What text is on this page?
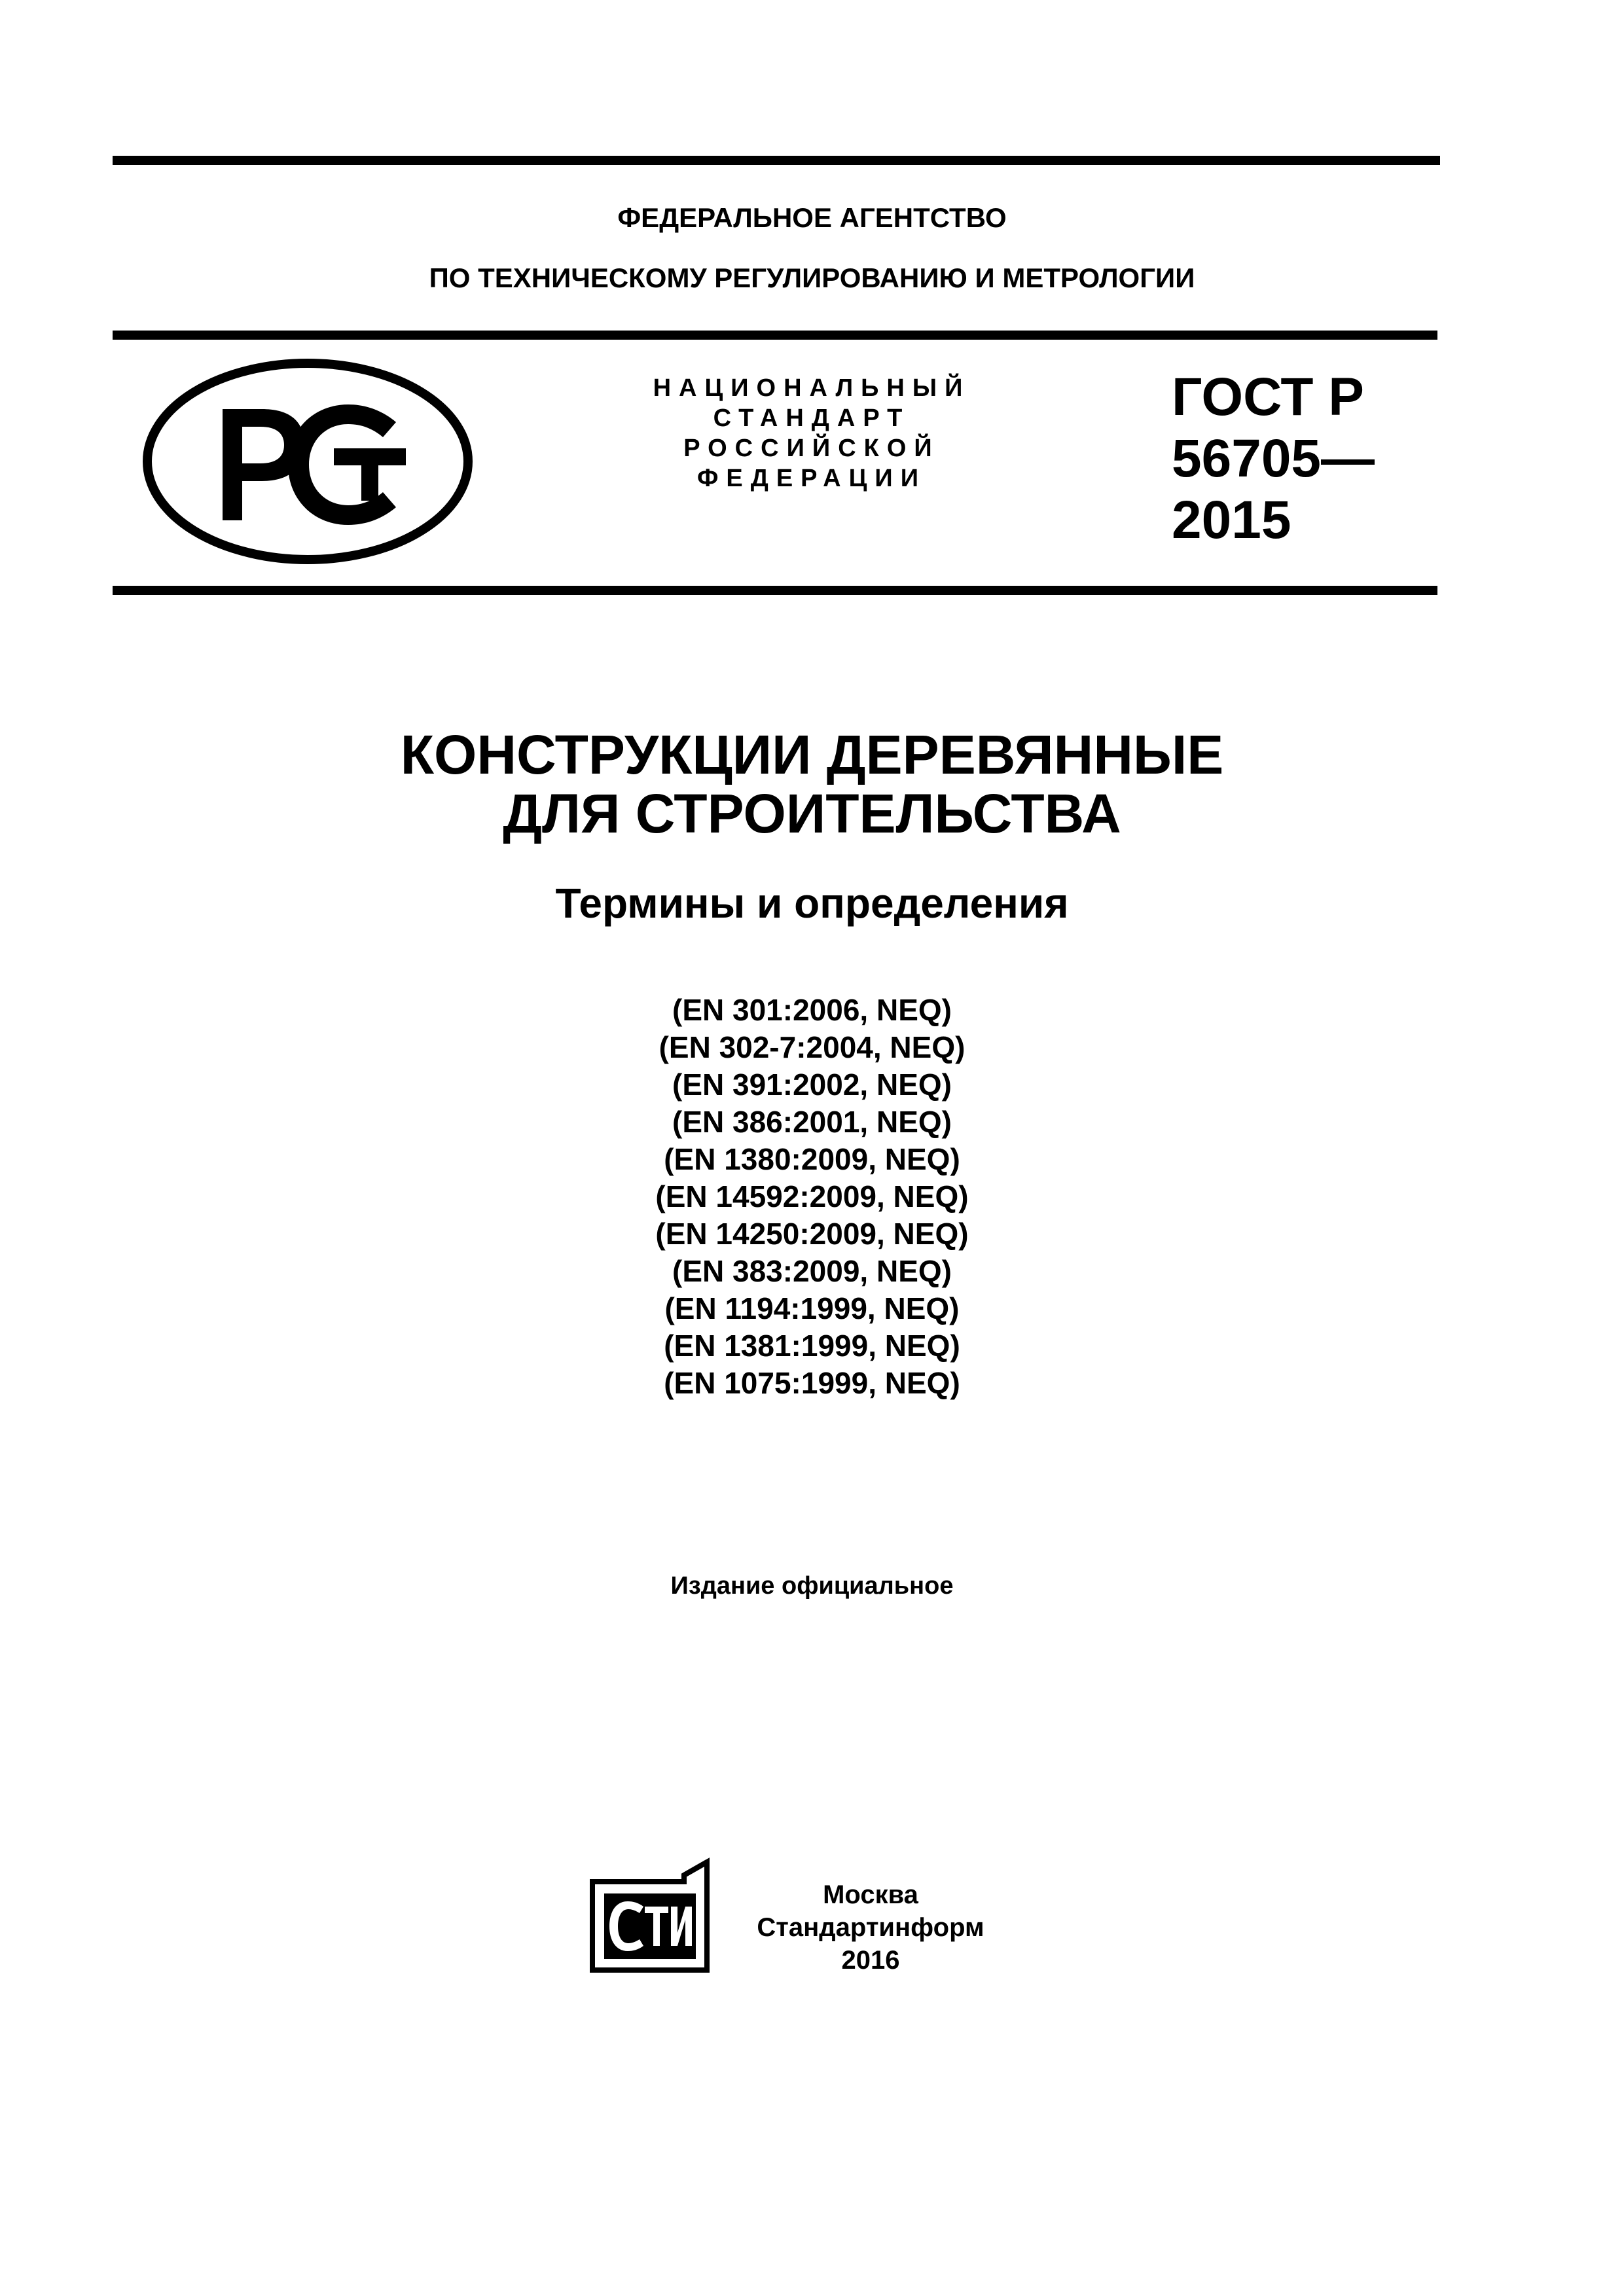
ФЕДЕРАЛЬНОЕ АГЕНТСТВО
ПО ТЕХНИЧЕСКОМУ РЕГУЛИРОВАНИЮ И МЕТРОЛОГИИ
НАЦИОНАЛЬНЫЙ
СТАНДАРТ
РОССИЙСКОЙ
ФЕДЕРАЦИИ
ГОСТ Р
56705—
2015
КОНСТРУКЦИИ ДЕРЕВЯННЫЕ
ДЛЯ СТРОИТЕЛЬСТВА
Термины и определения
(EN 301:2006, NEQ)
(EN 302-7:2004, NEQ)
(EN 391:2002, NEQ)
(EN 386:2001, NEQ)
(EN 1380:2009, NEQ)
(EN 14592:2009, NEQ)
(EN 14250:2009, NEQ)
(EN 383:2009, NEQ)
(EN 1194:1999, NEQ)
(EN 1381:1999, NEQ)
(EN 1075:1999, NEQ)
Издание официальное
Москва
Стандартинформ
2016
